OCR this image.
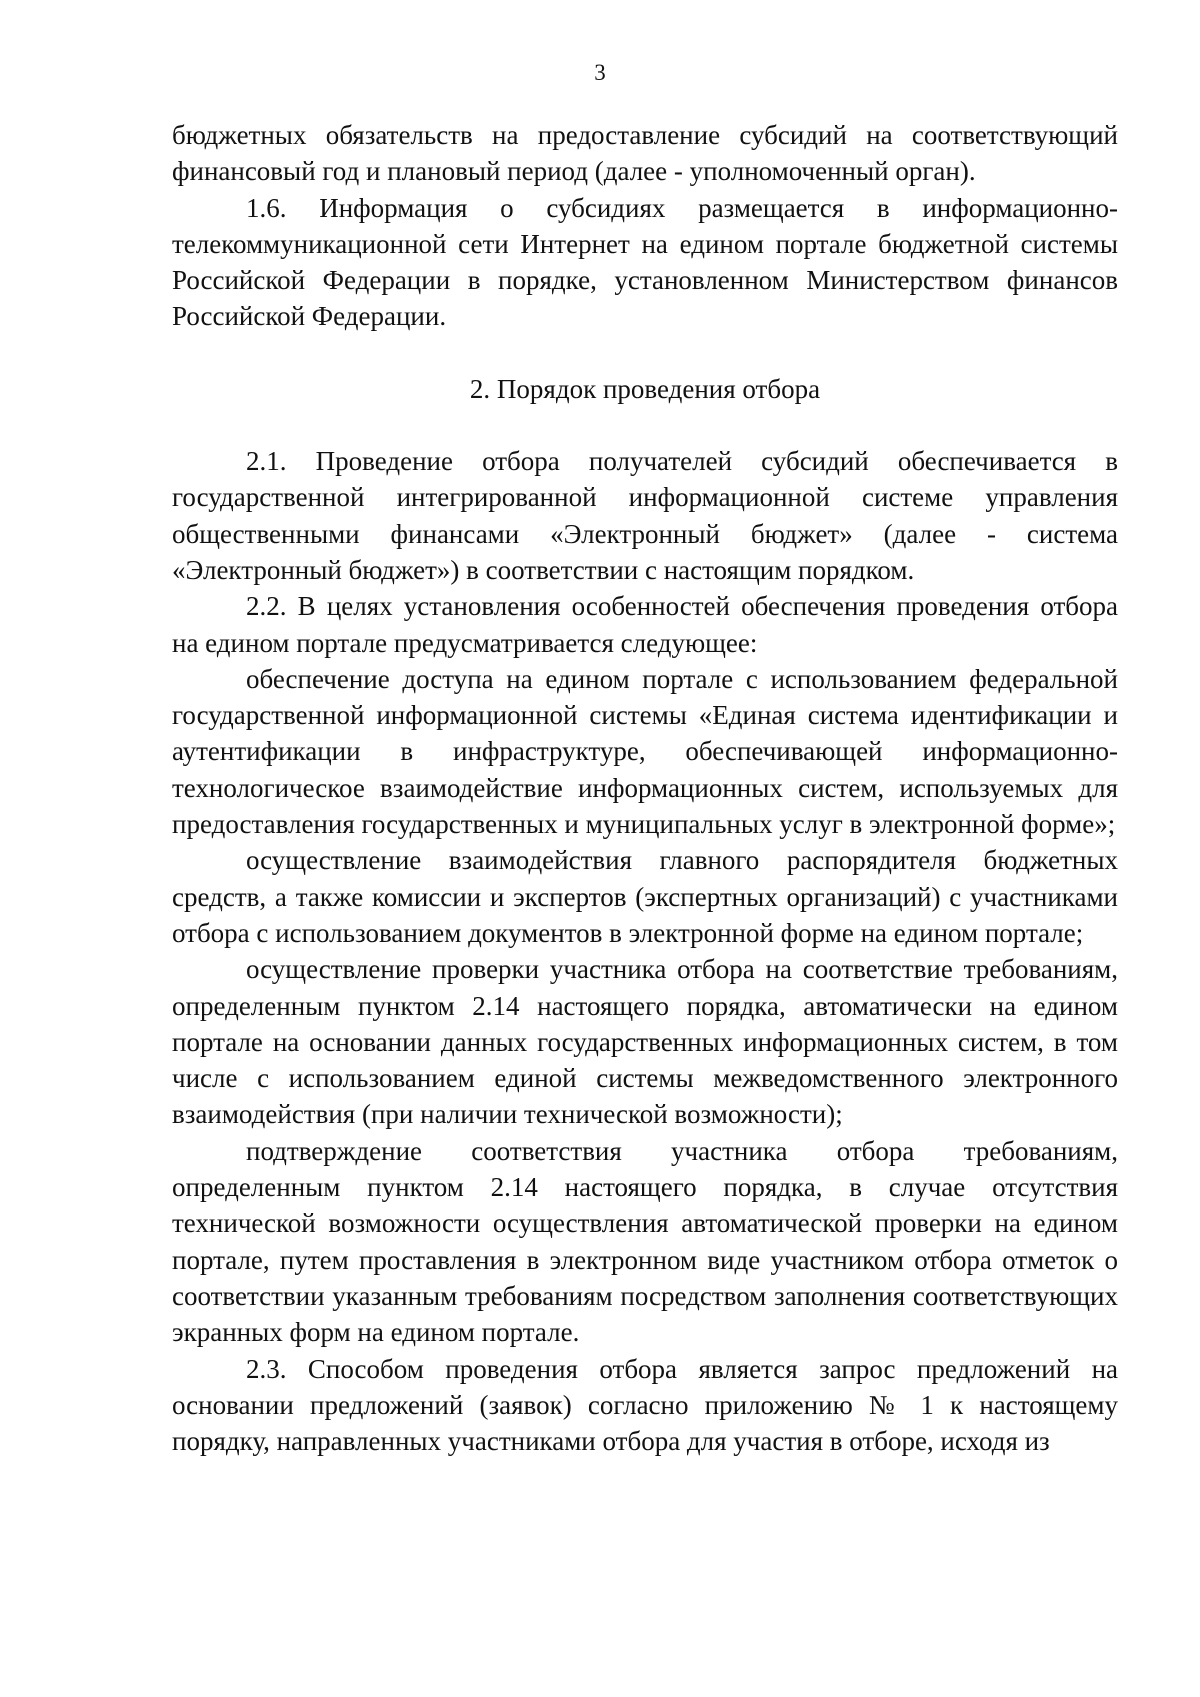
3

бюджетных обязательств на предоставление субсидий на соответствующий финансовый год и плановый период (далее - уполномоченный орган).

1.6. Информация о субсидиях размещается в информационно-телекоммуникационной сети Интернет на едином портале бюджетной системы Российской Федерации в порядке, установленном Министерством финансов Российской Федерации.

2. Порядок проведения отбора

2.1. Проведение отбора получателей субсидий обеспечивается в государственной интегрированной информационной системе управления общественными финансами «Электронный бюджет» (далее - система «Электронный бюджет») в соответствии с настоящим порядком.

2.2. В целях установления особенностей обеспечения проведения отбора на едином портале предусматривается следующее:

обеспечение доступа на едином портале с использованием федеральной государственной информационной системы «Единая система идентификации и аутентификации в инфраструктуре, обеспечивающей информационно-технологическое взаимодействие информационных систем, используемых для предоставления государственных и муниципальных услуг в электронной форме»;

осуществление взаимодействия главного распорядителя бюджетных средств, а также комиссии и экспертов (экспертных организаций) с участниками отбора с использованием документов в электронной форме на едином портале;

осуществление проверки участника отбора на соответствие требованиям, определенным пунктом 2.14 настоящего порядка, автоматически на едином портале на основании данных государственных информационных систем, в том числе с использованием единой системы межведомственного электронного взаимодействия (при наличии технической возможности);

подтверждение соответствия участника отбора требованиям, определенным пунктом 2.14 настоящего порядка, в случае отсутствия технической возможности осуществления автоматической проверки на едином портале, путем проставления в электронном виде участником отбора отметок о соответствии указанным требованиям посредством заполнения соответствующих экранных форм на едином портале.

2.3. Способом проведения отбора является запрос предложений на основании предложений (заявок) согласно приложению № 1 к настоящему порядку, направленных участниками отбора для участия в отборе, исходя из
